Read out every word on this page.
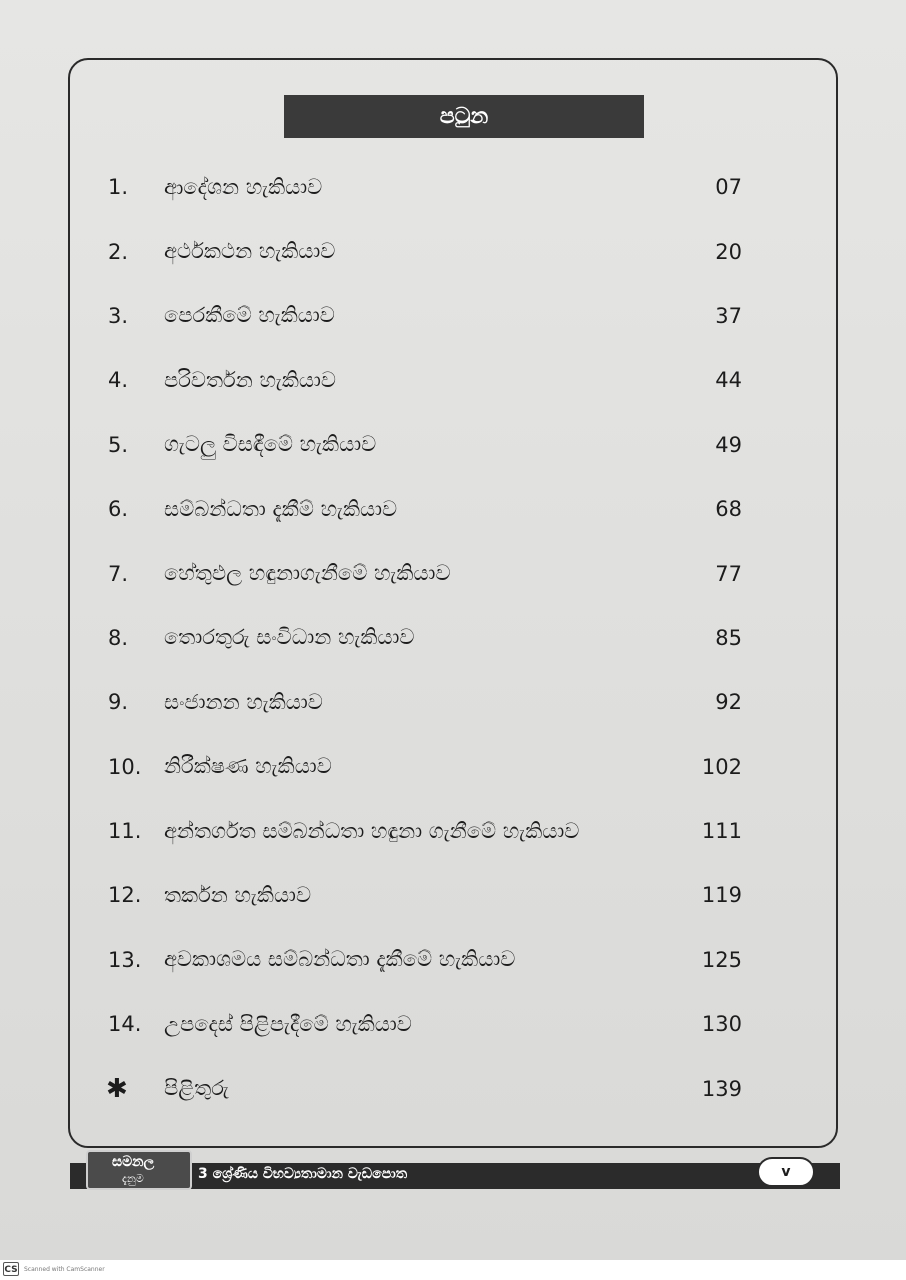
පටුන
1.	ආදේශන හැකියාව	07
2.	අර්ථකථන හැකියාව	20
3.	පෙරකීමේ හැකියාව	37
4.	පරිවර්තන හැකියාව	44
5.	ගැටලු විසඳීමේ හැකියාව	49
6.	සම්බන්ධතා දැකීම් හැකියාව	68
7.	හේතුඵල හඳුනාගැනීමේ හැකියාව	77
8.	තොරතුරු සංවිධාන හැකියාව	85
9.	සංජානන හැකියාව	92
10.	නිරීක්ෂණ හැකියාව	102
11.	අන්තර්ගත සම්බන්ධතා හඳුනා ගැනීමේ හැකියාව	111
12.	තර්කන හැකියාව	119
13.	අවකාශමය සම්බන්ධතා දැකීමේ හැකියාව	125
14.	උපදෙස් පිළිපැදීමේ හැකියාව	130
✱	පිළිතුරු	139
සමනල
දැනුම	3 ශ්‍රේණිය විභව්‍යතාමාන වැඩපොත	v
CS Scanned with CamScanner
